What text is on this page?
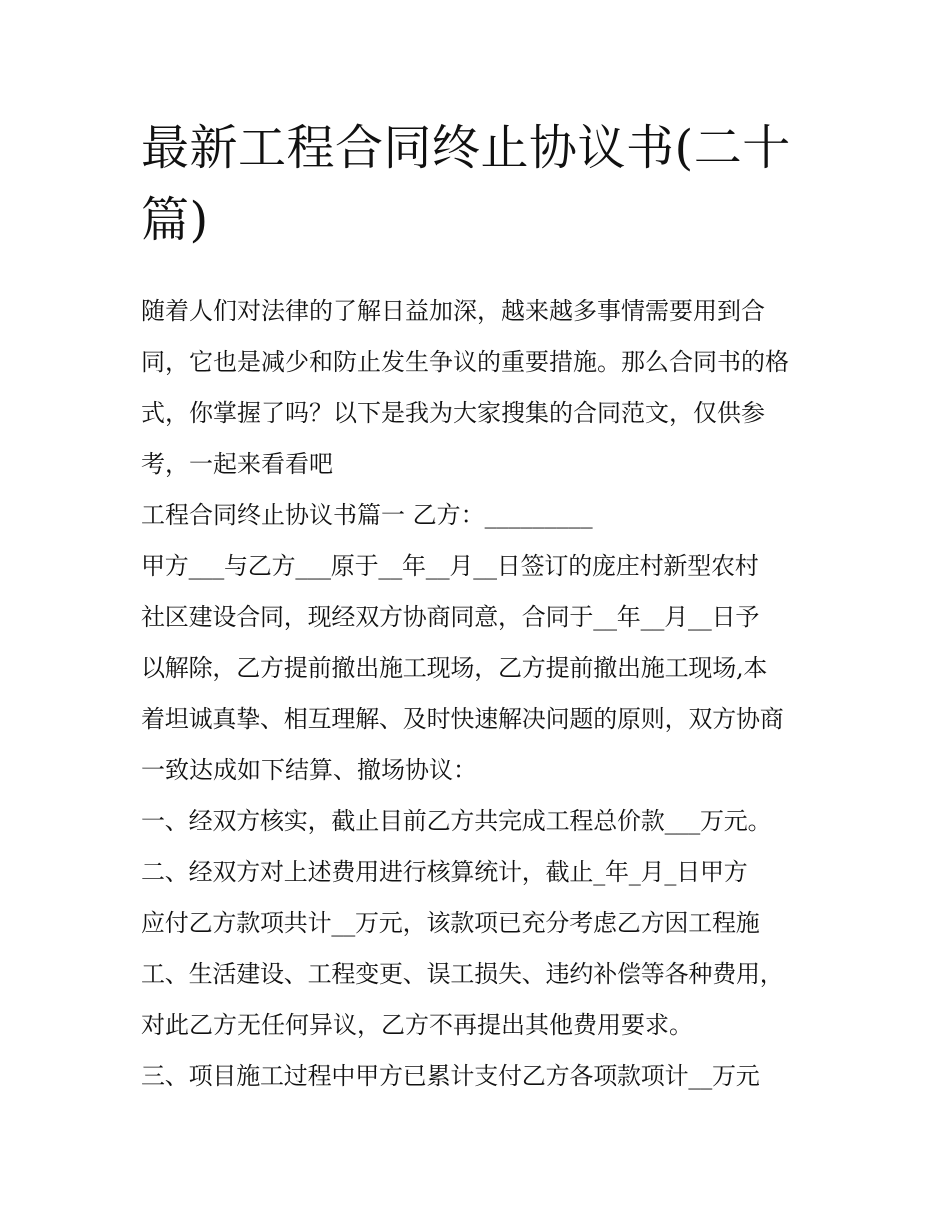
最新工程合同终止协议书(二十
篇)
随着人们对法律的了解日益加深，越来越多事情需要用到合
同，它也是减少和防止发生争议的重要措施。那么合同书的格
式，你掌握了吗？以下是我为大家搜集的合同范文，仅供参
考，一起来看看吧
工程合同终止协议书篇一 乙方：_________
甲方___与乙方___原于__年__月__日签订的庞庄村新型农村
社区建设合同，现经双方协商同意，合同于__年__月__日予
以解除，乙方提前撤出施工现场，乙方提前撤出施工现场,本
着坦诚真挚、相互理解、及时快速解决问题的原则，双方协商
一致达成如下结算、撤场协议：
一、经双方核实，截止目前乙方共完成工程总价款___万元。
二、经双方对上述费用进行核算统计，截止_年_月_日甲方
应付乙方款项共计__万元，该款项已充分考虑乙方因工程施
工、生活建设、工程变更、误工损失、违约补偿等各种费用，
对此乙方无任何异议，乙方不再提出其他费用要求。
三、项目施工过程中甲方已累计支付乙方各项款项计__万元
